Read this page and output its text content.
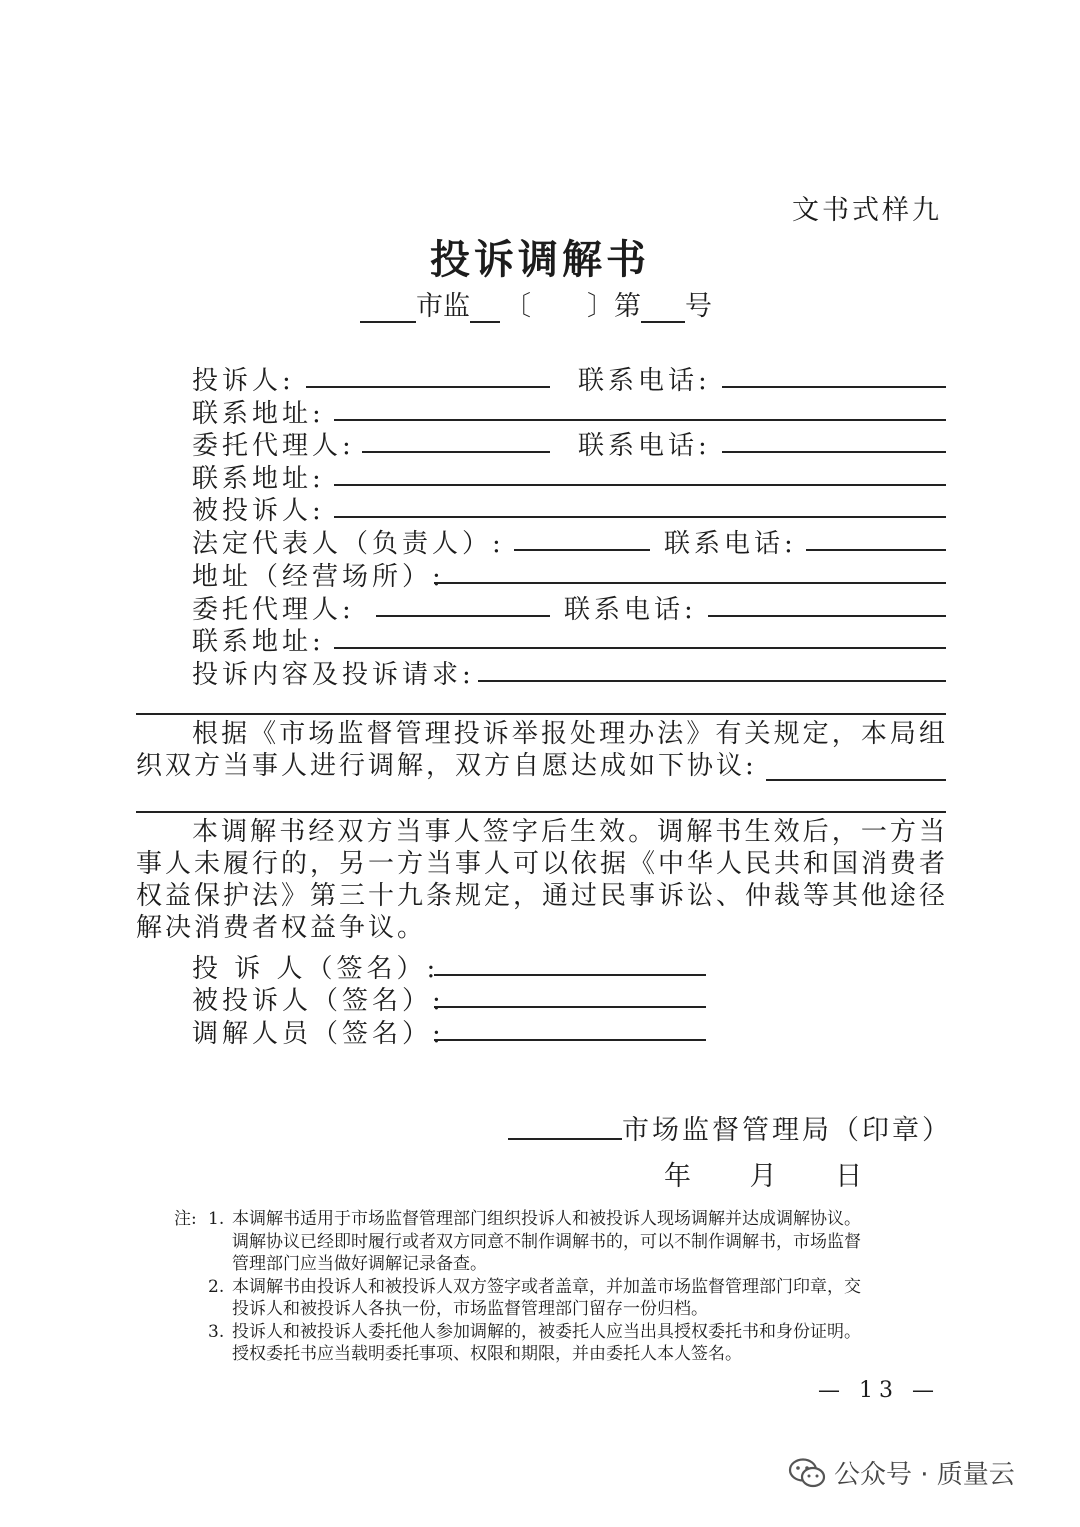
文书式样九
投诉调解书
市监 〔 〕 第 号
投诉人:	联系电话:
联系地址:
委托代理人:	联系电话:
联系地址:
被投诉人:
法定代表人（负责人）:	联系电话:
地址（经营场所）:
委托代理人:	联系电话:
联系地址:
投诉内容及投诉请求:
根据《市场监督管理投诉举报处理办法》有关规定，本局组织双方当事人进行调解，双方自愿达成如下协议:
本调解书经双方当事人签字后生效。调解书生效后，一方当事人未履行的，另一方当事人可以依据《中华人民共和国消费者权益保护法》第三十九条规定，通过民事诉讼、仲裁等其他途径解决消费者权益争议。
投 诉 人（签名）:
被投诉人（签名）:
调解人员（签名）:
市场监督管理局（印章）
年 月 日
注: 1. 本调解书适用于市场监督管理部门组织投诉人和被投诉人现场调解并达成调解协议。
调解协议已经即时履行或者双方同意不制作调解书的，可以不制作调解书，市场监督
管理部门应当做好调解记录备查。
2. 本调解书由投诉人和被投诉人双方签字或者盖章，并加盖市场监督管理部门印章，交
投诉人和被投诉人各执一份，市场监督管理部门留存一份归档。
3. 投诉人和被投诉人委托他人参加调解的，被委托人应当出具授权委托书和身份证明。
授权委托书应当载明委托事项、权限和期限，并由委托人本人签名。
— 13 —
公众号 · 质量云
